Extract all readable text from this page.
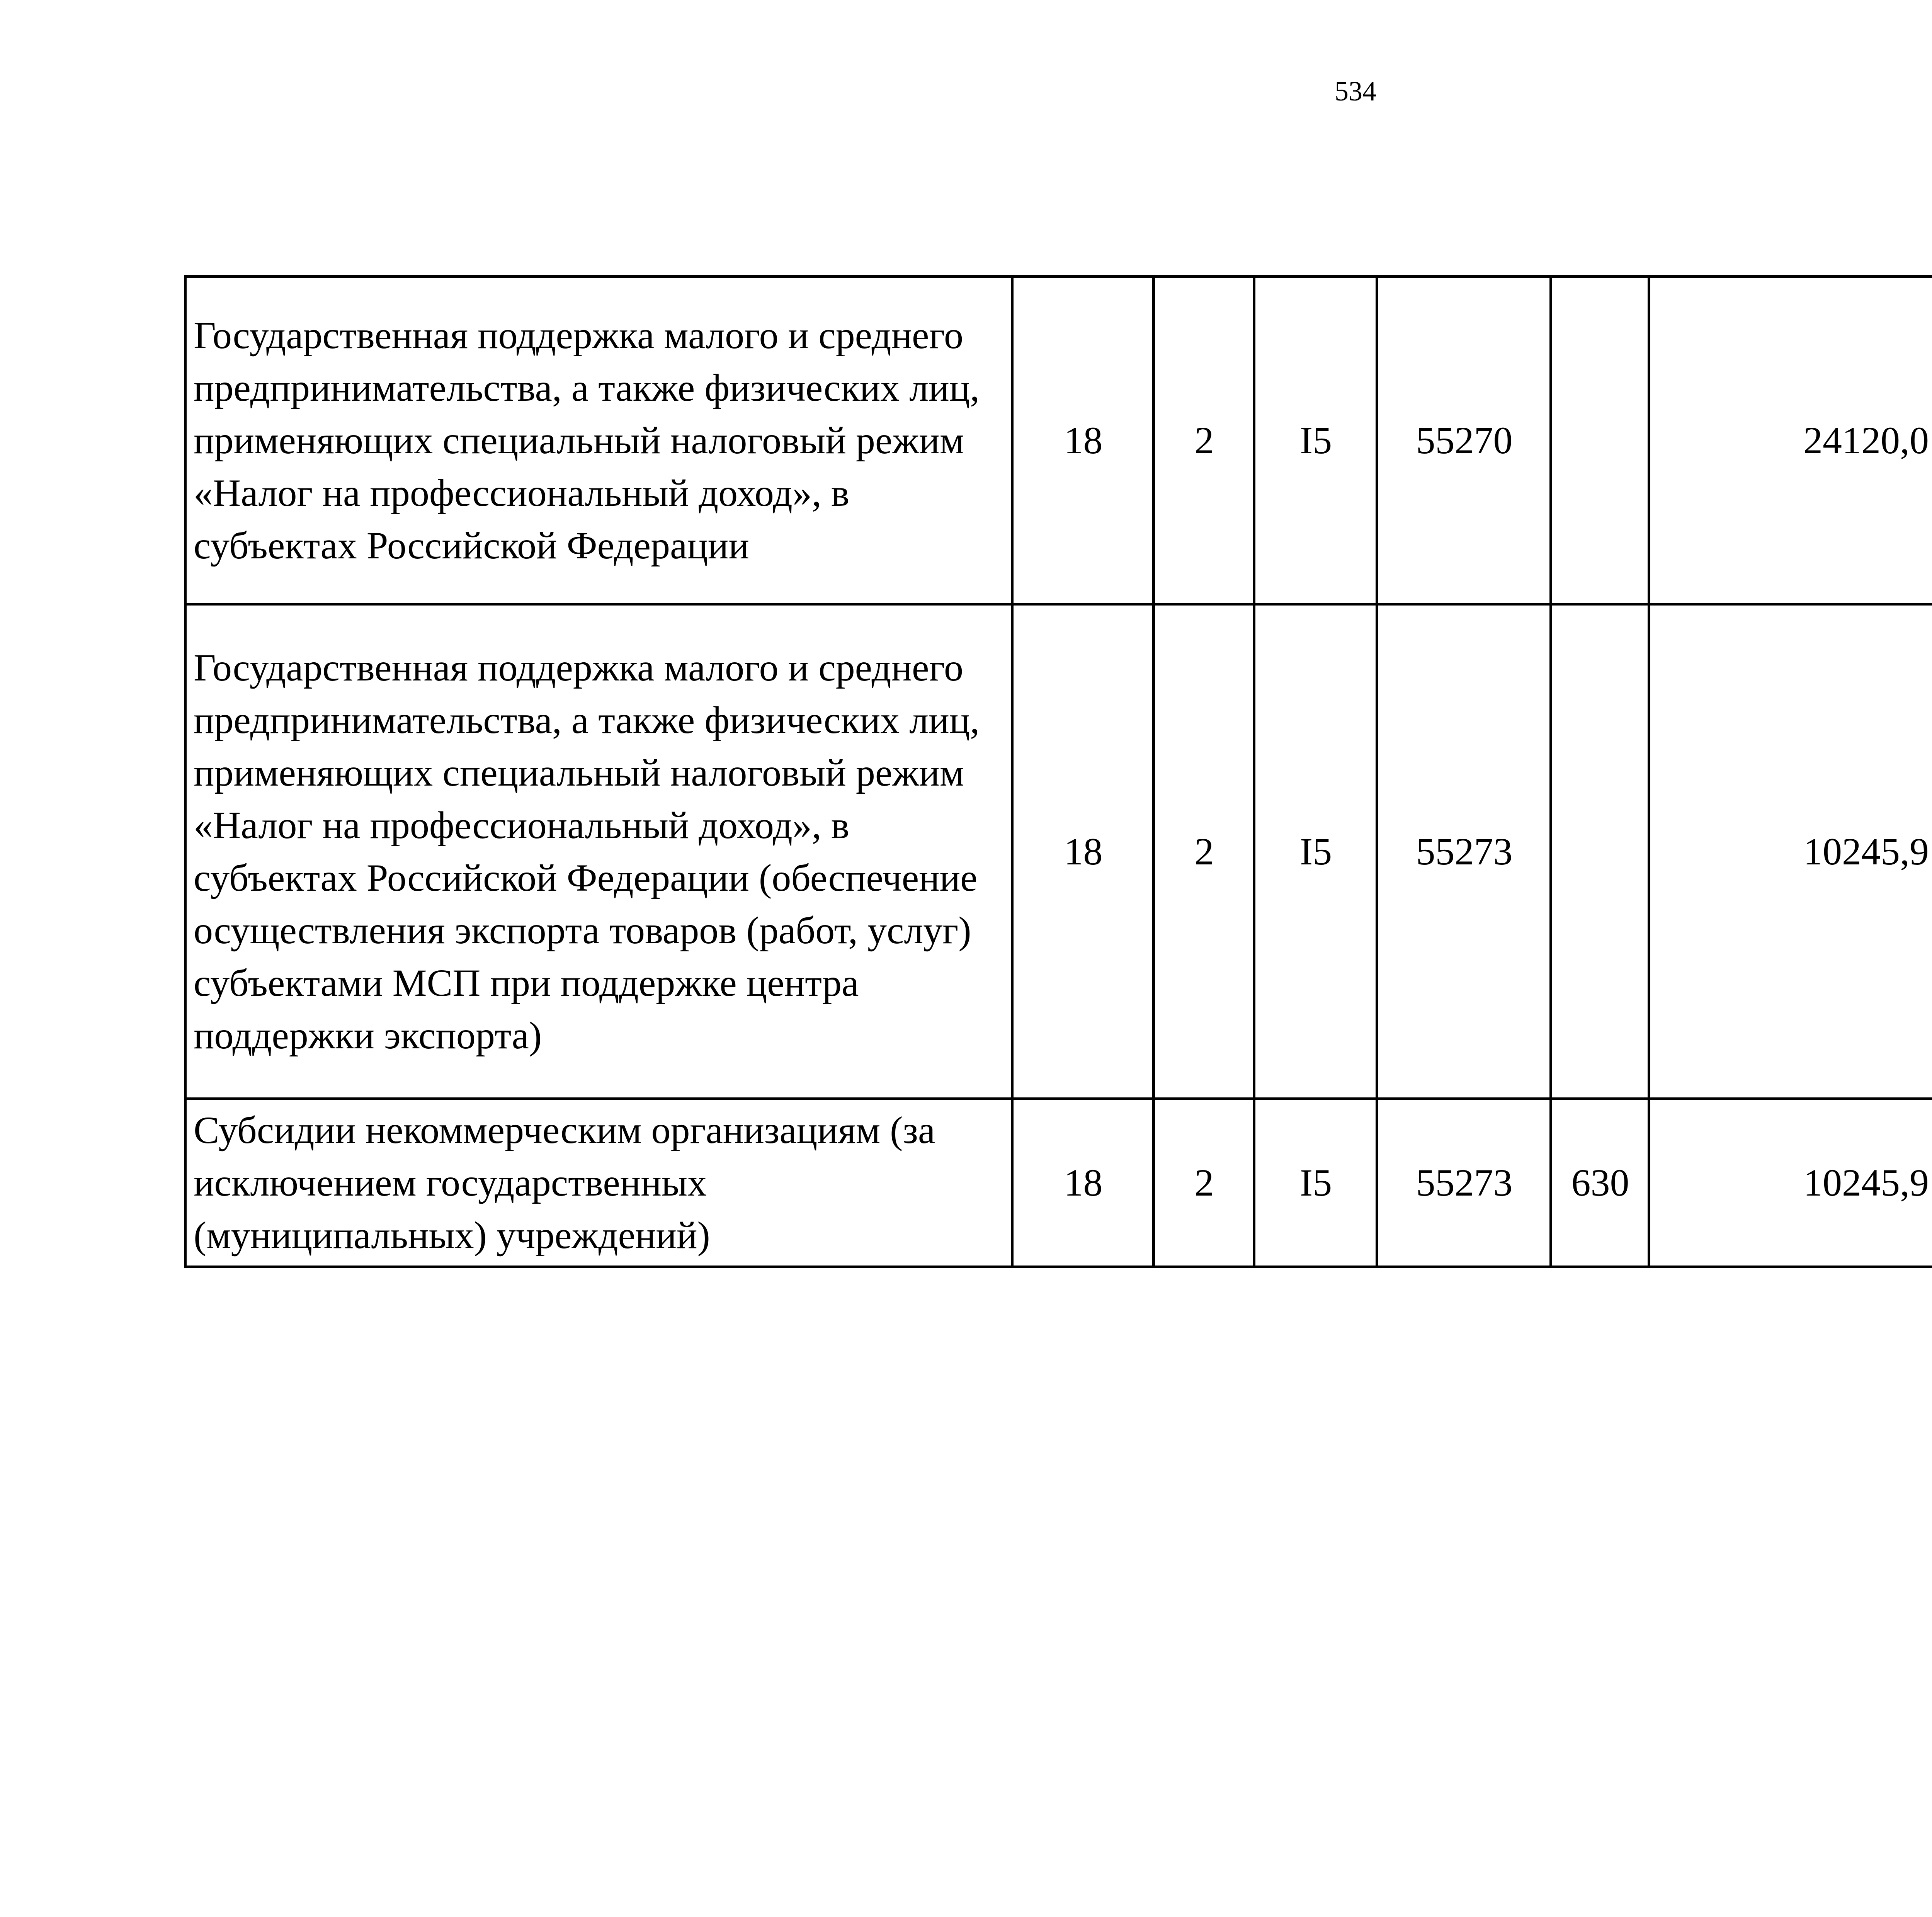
534
Государственная поддержка малого и среднего предпринимательства, а также физических лиц, применяющих специальный налоговый режим «Налог на профессиональный доход», в субъектах Российской Федерации	18	2	I5	55270		24120,0		
Государственная поддержка малого и среднего предпринимательства, а также физических лиц, применяющих специальный налоговый режим «Налог на профессиональный доход», в субъектах Российской Федерации (обеспечение осуществления экспорта товаров (работ, услуг) субъектами МСП при поддержке центра поддержки экспорта)	18	2	I5	55273		10245,9		
Субсидии некоммерческим организациям (за исключением государственных (муниципальных) учреждений)	18	2	I5	55273	630	10245,9		
